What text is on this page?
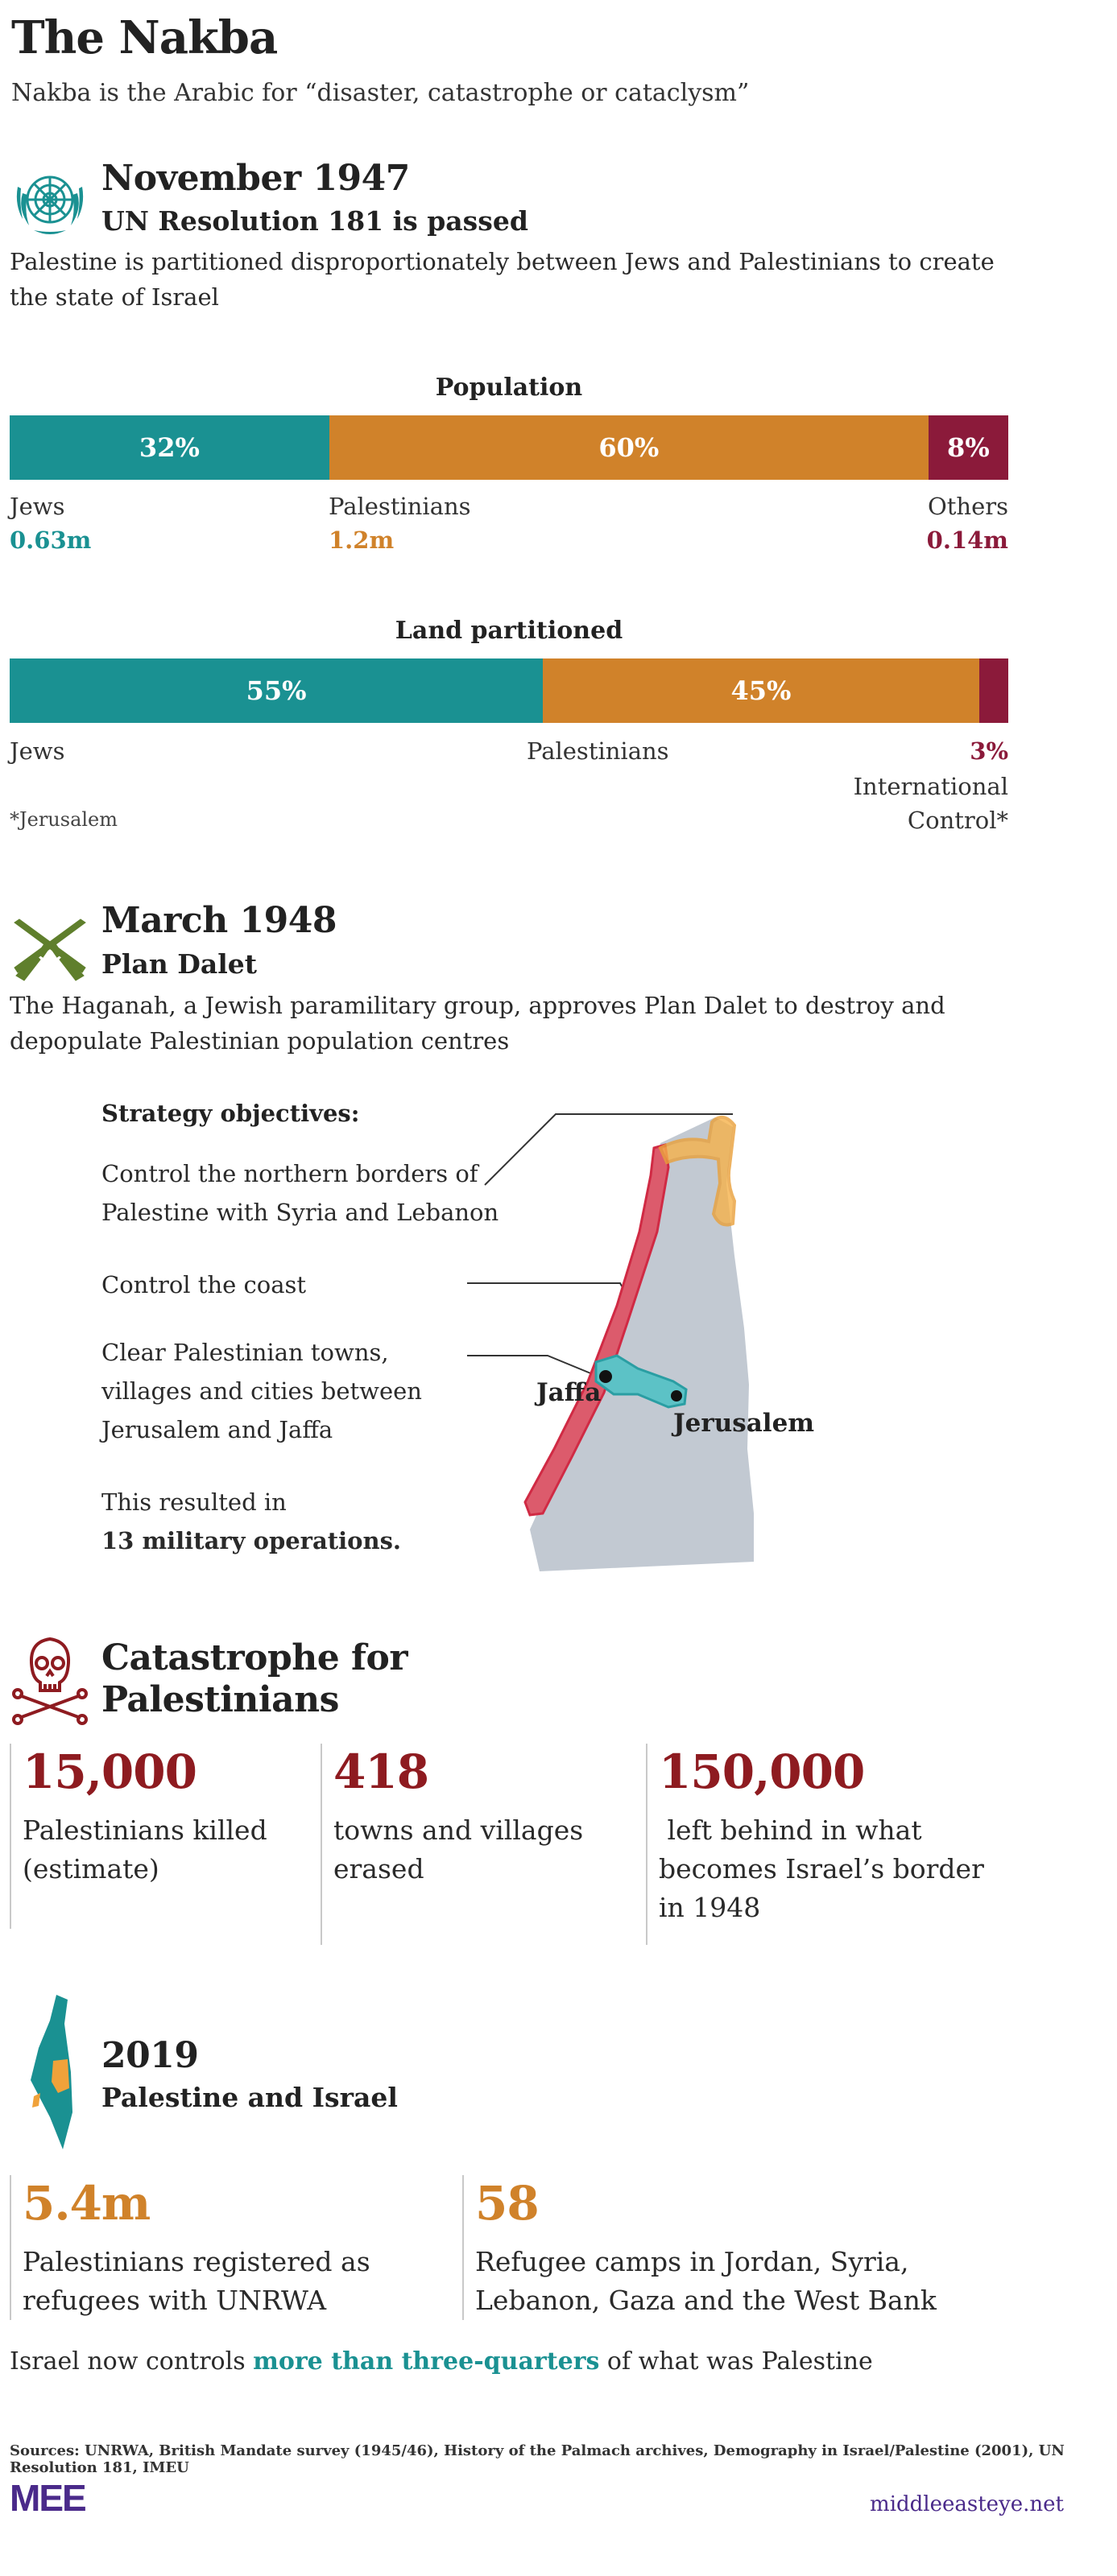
The Nakba
Nakba is the Arabic for “disaster, catastrophe or cataclysm”
November 1947
UN Resolution 181 is passed
Palestine is partitioned disproportionately between Jews and Palestinians to create
the state of Israel
Population
32%	60%	8%
Jews
0.63m
Palestinians
1.2m
Others
0.14m
Land partitioned
55%	45%
Jews	Palestinians	3%
International
Control*
*Jerusalem
March 1948
Plan Dalet
The Haganah, a Jewish paramilitary group, approves Plan Dalet to destroy and
depopulate Palestinian population centres
Strategy objectives:
Control the northern borders of
Palestine with Syria and Lebanon
Control the coast
Clear Palestinian towns,
villages and cities between
Jerusalem and Jaffa
This resulted in
13 military operations.
Jaffa
Jerusalem
Catastrophe for
Palestinians
15,000
Palestinians killed
(estimate)
418
towns and villages
erased
150,000
left behind in what
becomes Israel’s border
in 1948
2019
Palestine and Israel
5.4m
Palestinians registered as
refugees with UNRWA
58
Refugee camps in Jordan, Syria,
Lebanon, Gaza and the West Bank
Israel now controls more than three-quarters of what was Palestine
Sources: UNRWA, British Mandate survey (1945/46), History of the Palmach archives, Demography in Israel/Palestine (2001), UN Resolution 181, IMEU
MEE	middleeasteye.net
